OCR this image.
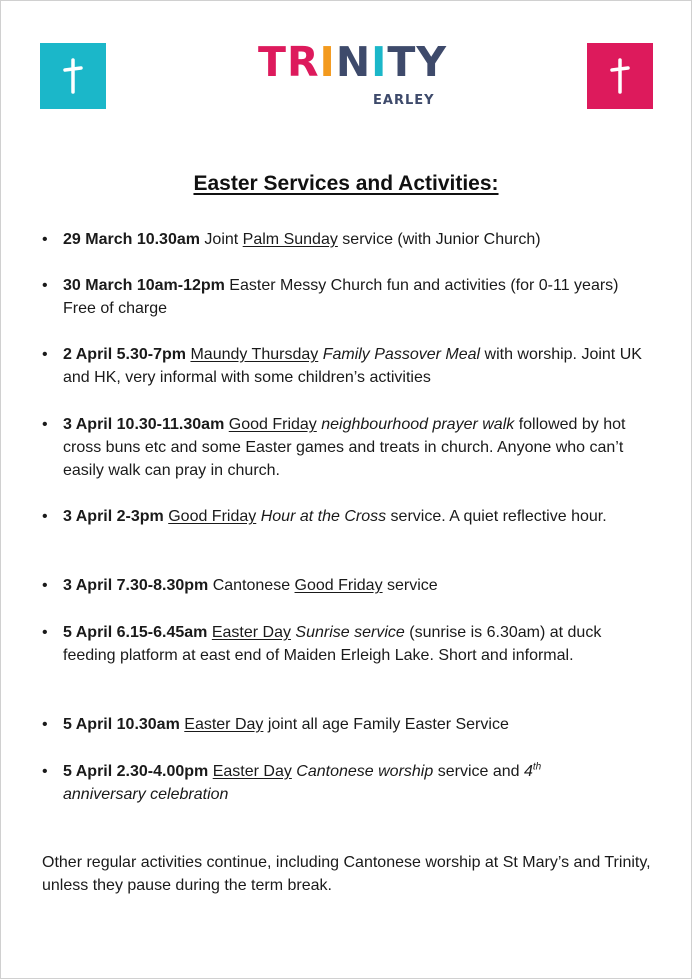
TRINITY
EARLEY
Easter Services and Activities:
• 29 March 10.30am Joint Palm Sunday service (with Junior Church)
• 30 March 10am-12pm Easter Messy Church fun and activities (for 0-11 years) Free of charge
• 2 April 5.30-7pm Maundy Thursday Family Passover Meal with worship. Joint UK and HK, very informal with some children’s activities
• 3 April 10.30-11.30am Good Friday neighbourhood prayer walk followed by hot cross buns etc and some Easter games and treats in church. Anyone who can’t easily walk can pray in church.
• 3 April 2-3pm Good Friday Hour at the Cross service. A quiet reflective hour.
• 3 April 7.30-8.30pm Cantonese Good Friday service
• 5 April 6.15-6.45am Easter Day Sunrise service (sunrise is 6.30am) at duck feeding platform at east end of Maiden Erleigh Lake. Short and informal.
• 5 April 10.30am Easter Day joint all age Family Easter Service
• 5 April 2.30-4.00pm Easter Day Cantonese worship service and 4th
anniversary celebration
Other regular activities continue, including Cantonese worship at St Mary’s and Trinity, unless they pause during the term break.
